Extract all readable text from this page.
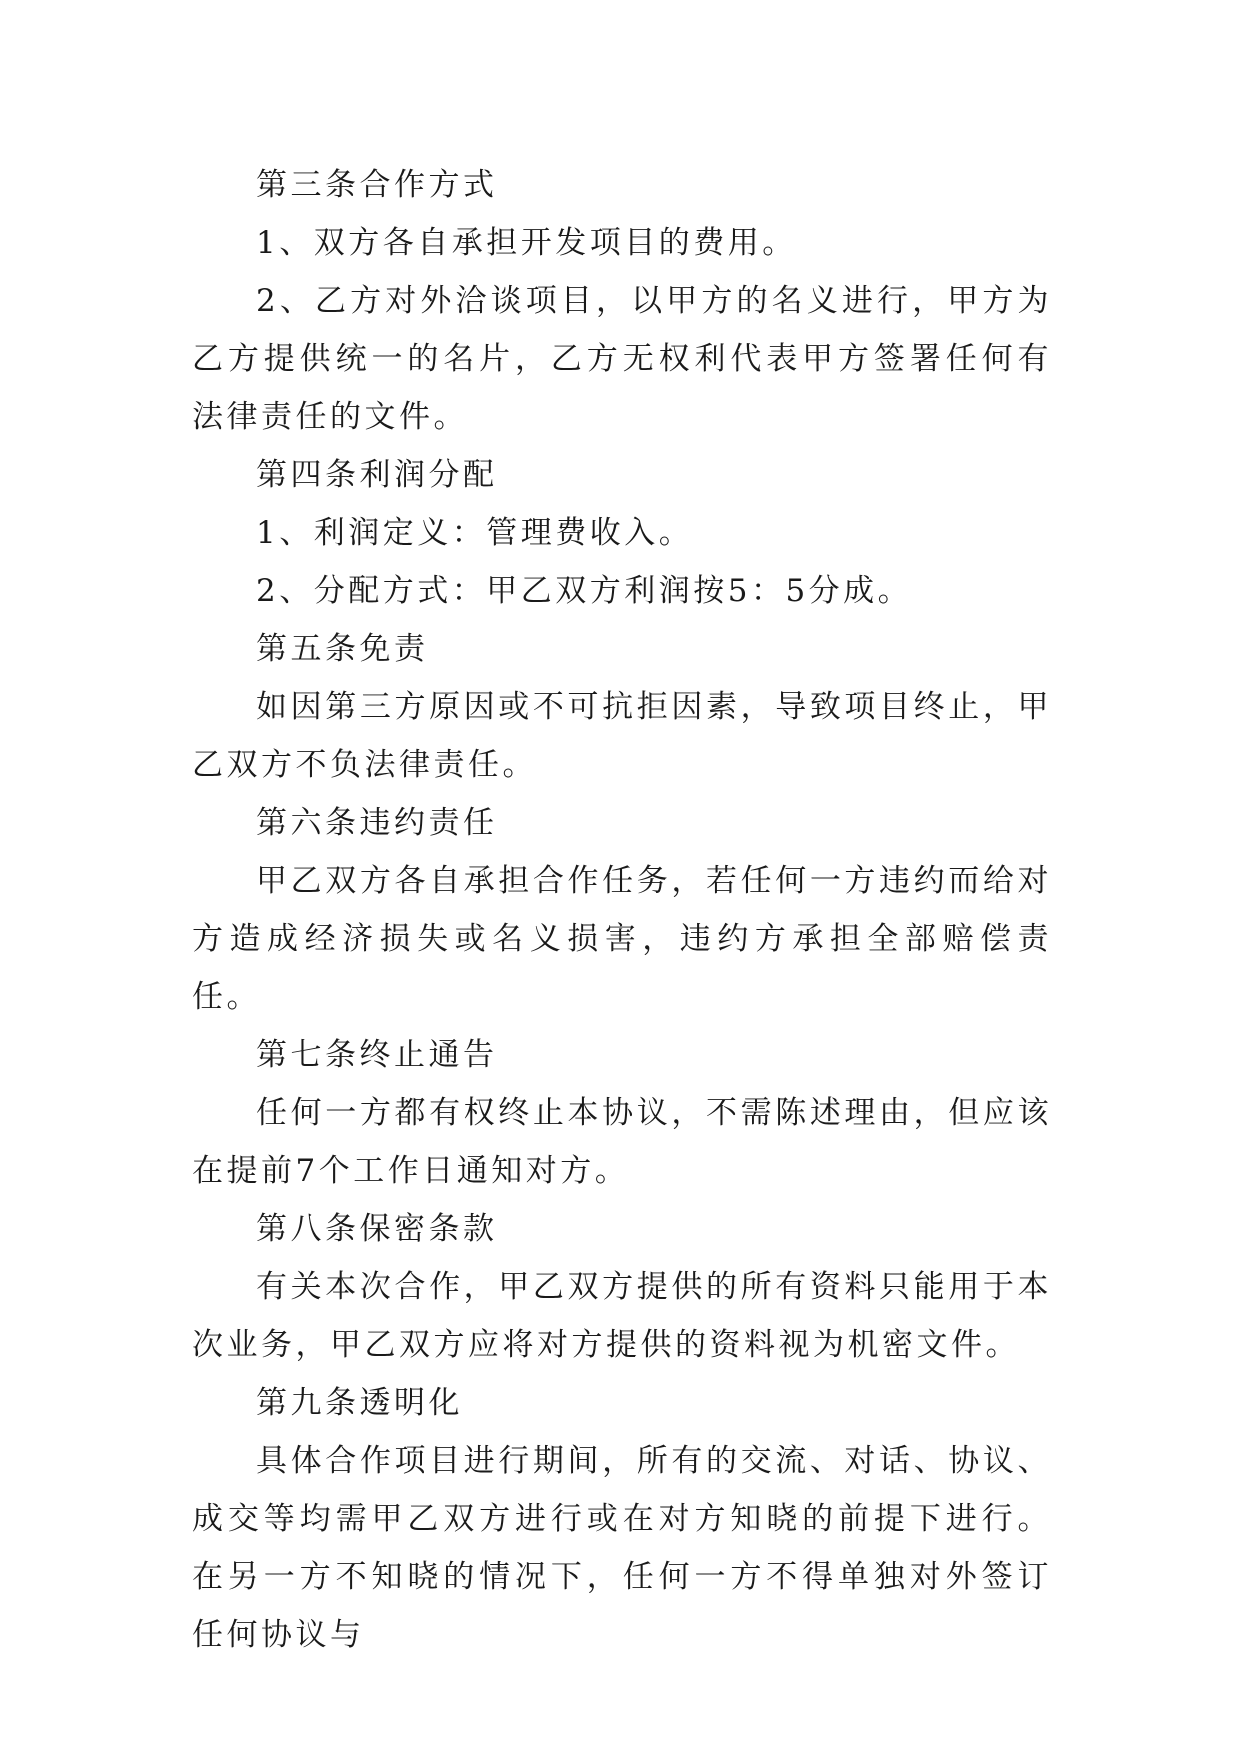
第三条合作方式

1、双方各自承担开发项目的费用。

2、乙方对外洽谈项目，以甲方的名义进行，甲方为乙方提供统一的名片，乙方无权利代表甲方签署任何有法律责任的文件。

第四条利润分配

1、利润定义：管理费收入。

2、分配方式：甲乙双方利润按5：5分成。

第五条免责

如因第三方原因或不可抗拒因素，导致项目终止，甲乙双方不负法律责任。

第六条违约责任

甲乙双方各自承担合作任务，若任何一方违约而给对方造成经济损失或名义损害，违约方承担全部赔偿责任。

第七条终止通告

任何一方都有权终止本协议，不需陈述理由，但应该在提前7个工作日通知对方。

第八条保密条款

有关本次合作，甲乙双方提供的所有资料只能用于本次业务，甲乙双方应将对方提供的资料视为机密文件。

第九条透明化

具体合作项目进行期间，所有的交流、对话、协议、成交等均需甲乙双方进行或在对方知晓的前提下进行。在另一方不知晓的情况下，任何一方不得单独对外签订任何协议与
